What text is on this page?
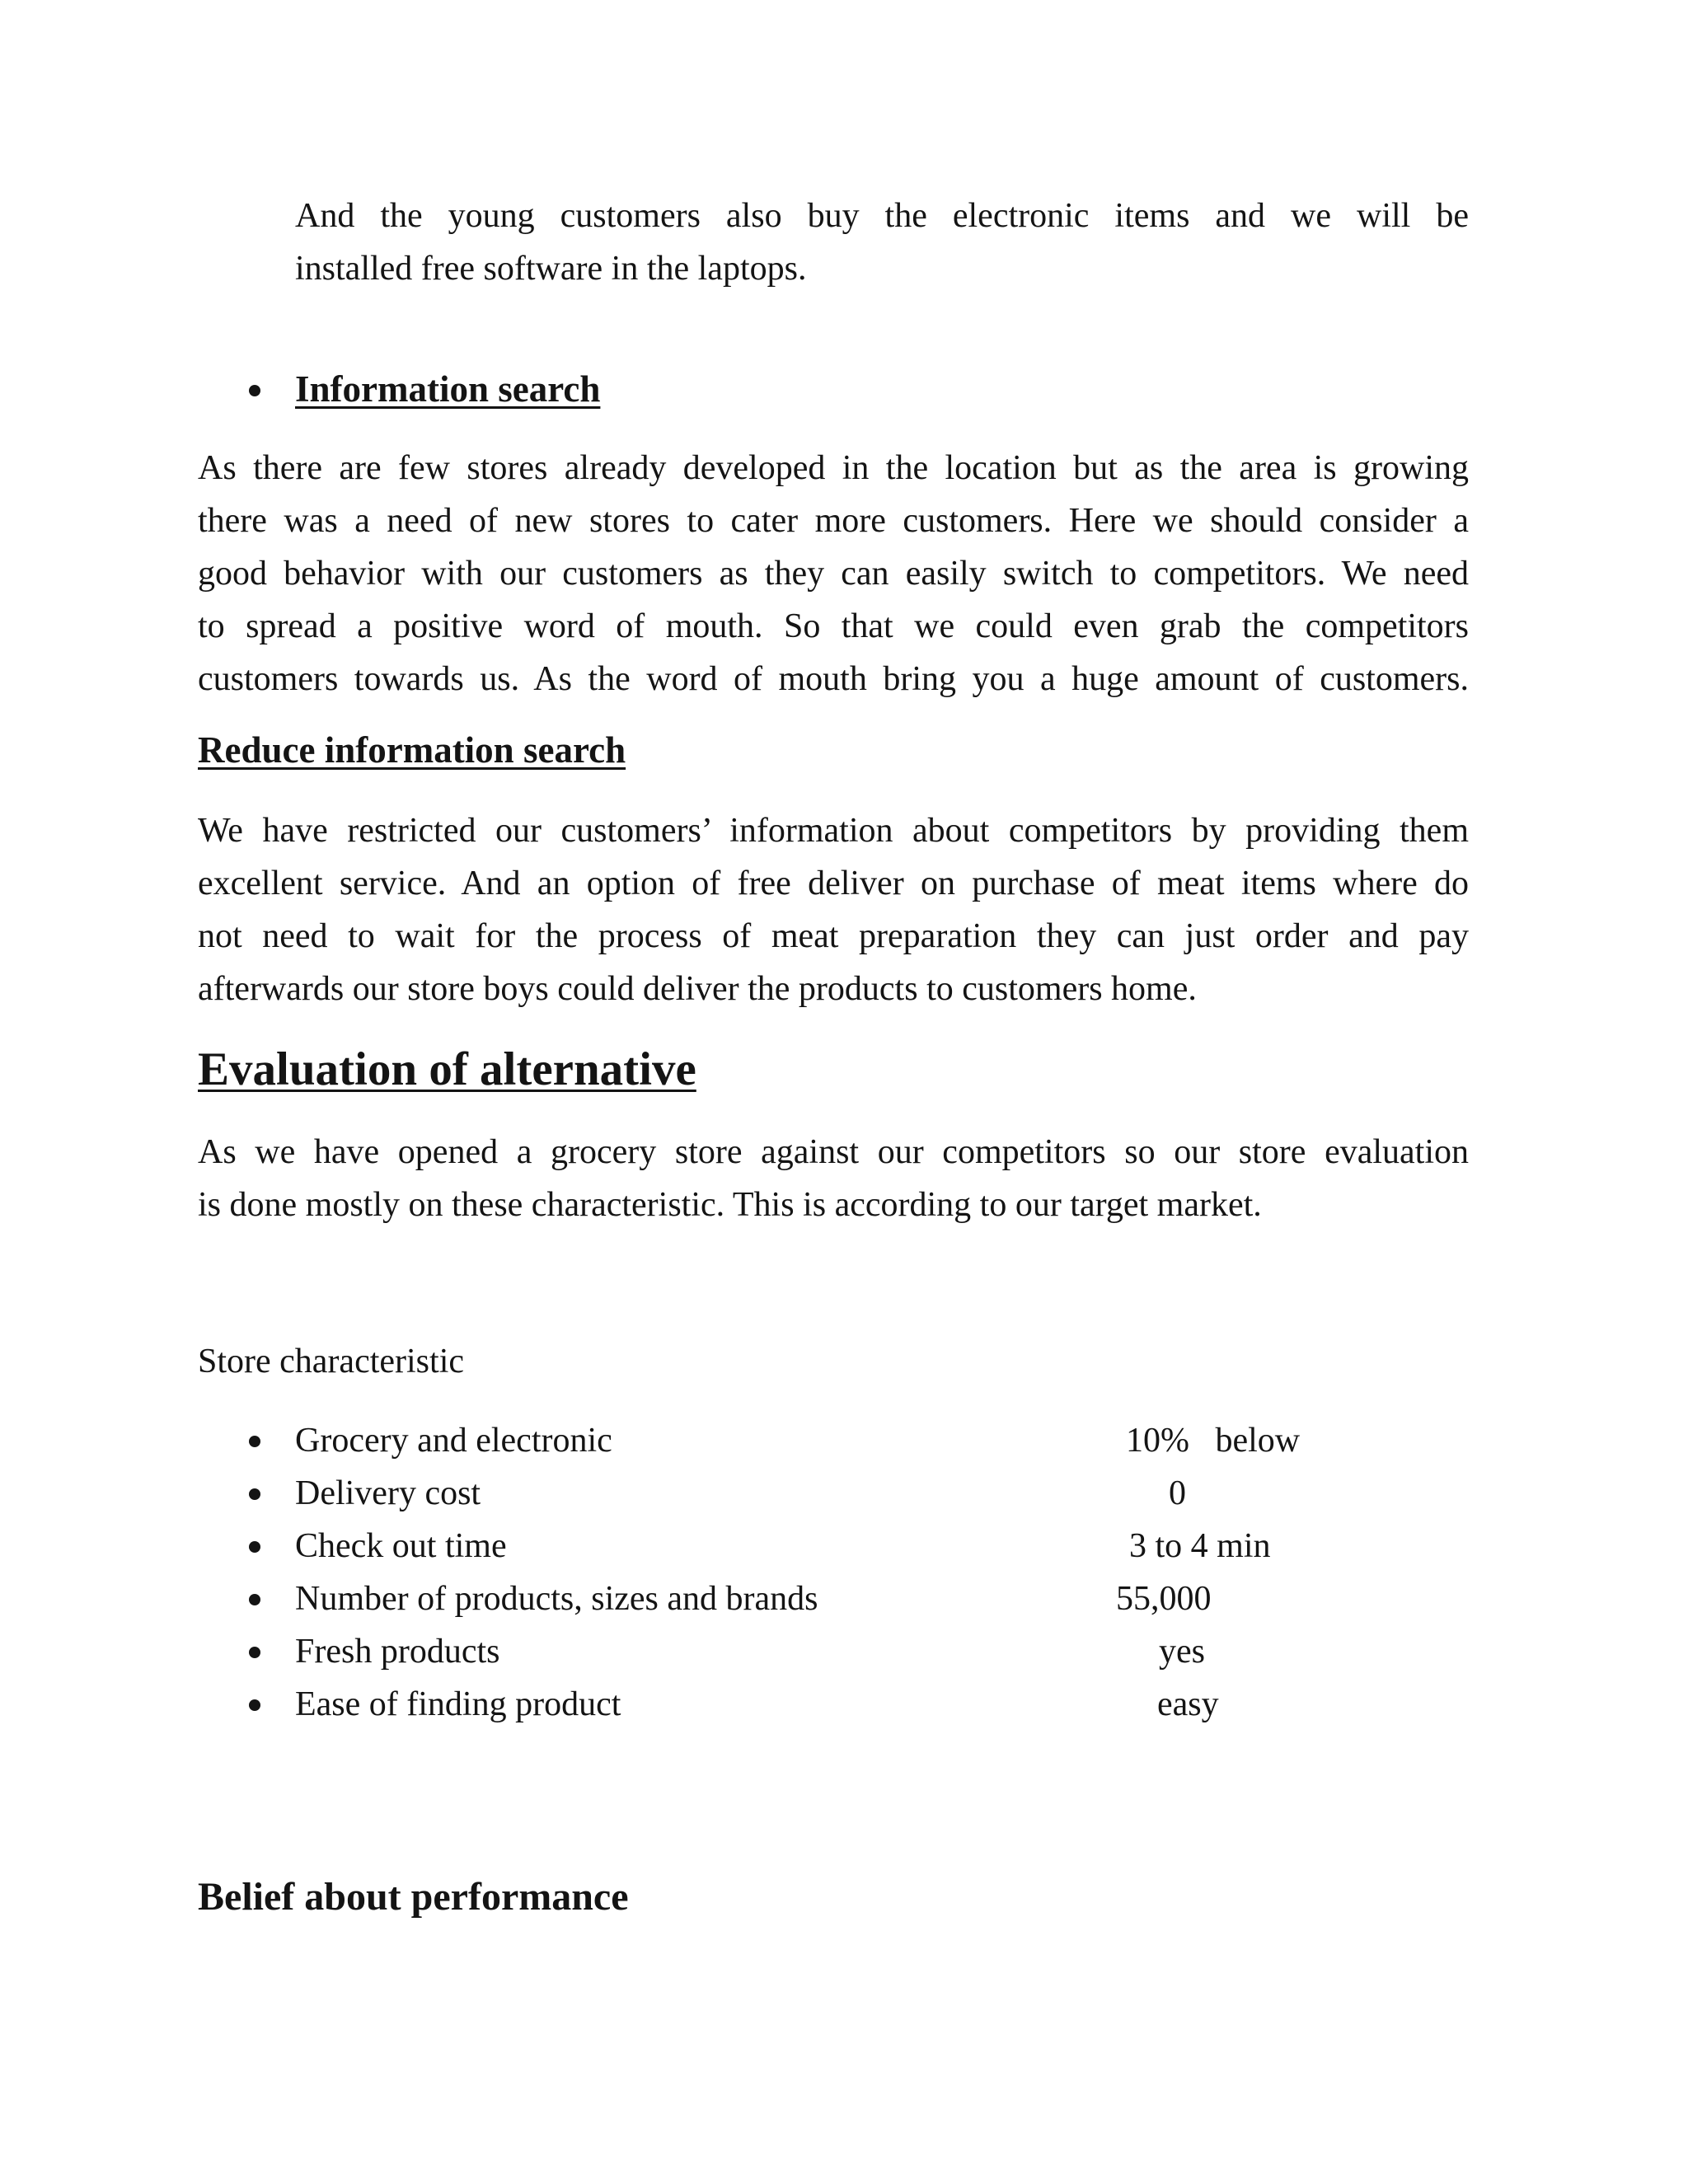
And the young customers also buy the electronic items and we will be
installed free software in the laptops.
Information search
As there are few stores already developed in the location but as the area is growing
there was a need of new stores to cater more customers. Here we should consider a
good behavior with our customers as they can easily switch to competitors. We need
to spread a positive word of mouth. So that we could even grab the competitors
customers towards us. As the word of mouth bring you a huge amount of customers.
Reduce information search
We have restricted our customers’ information about competitors by providing them
excellent service. And an option of free deliver on purchase of meat items where do
not need to wait for the process of meat preparation they can just order and pay
afterwards our store boys could deliver the products to customers home.
Evaluation of alternative
As we have opened a grocery store against our competitors so our store evaluation
is done mostly on these characteristic. This is according to our target market.
Store characteristic
Grocery and electronic	10%   below
Delivery cost	0
Check out time	3 to 4 min
Number of products, sizes and brands	55,000
Fresh products	yes
Ease of finding product	easy
Belief about performance
